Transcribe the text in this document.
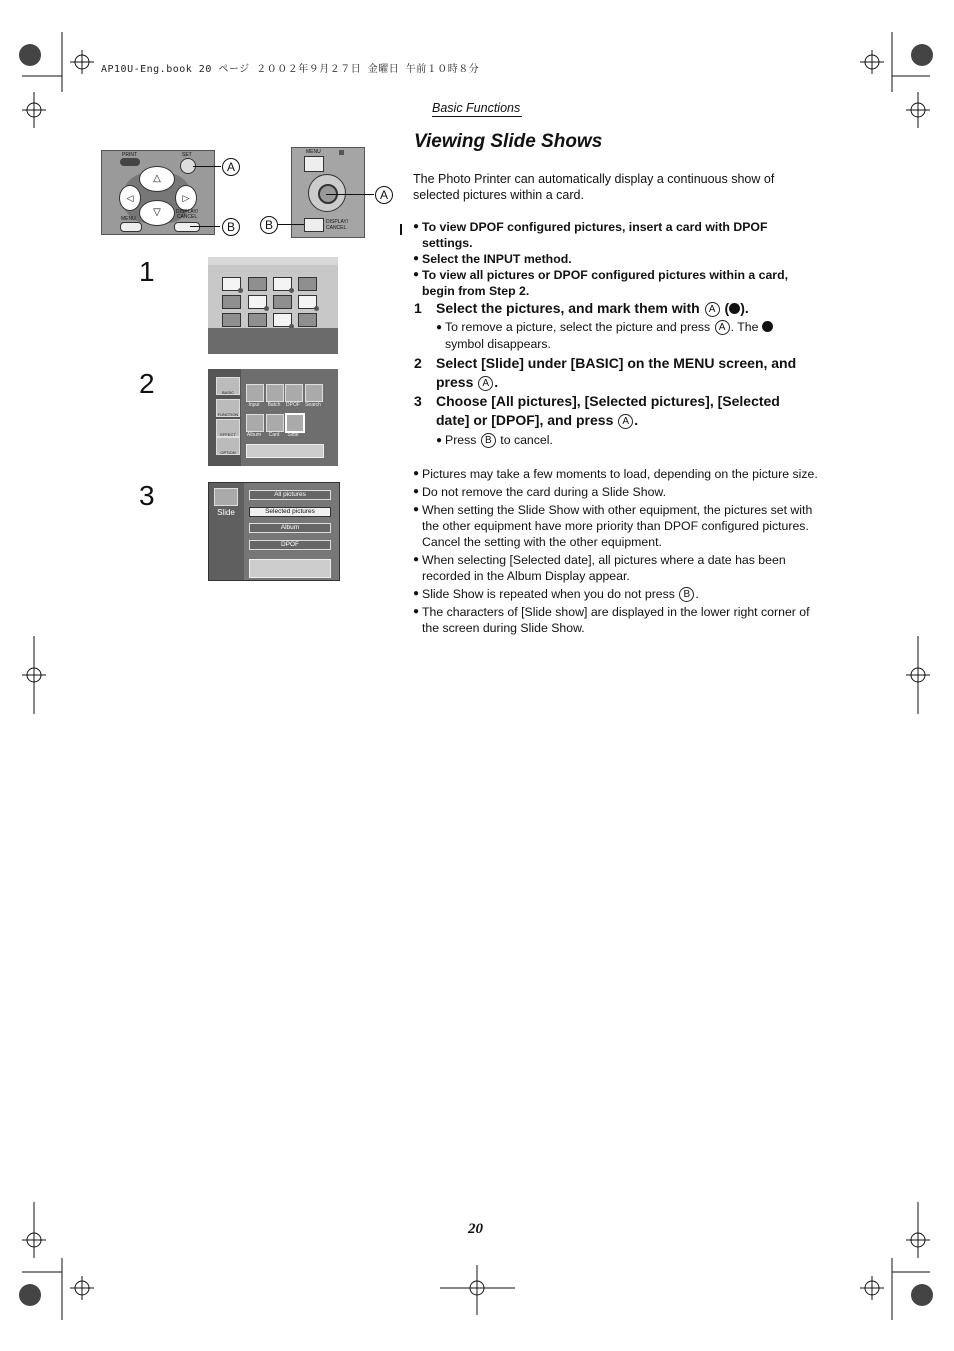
AP10U-Eng.book 20 ページ ２００２年９月２７日 金曜日 午前１０時８分
Basic Functions
Viewing Slide Shows
The Photo Printer can automatically display a continuous show of selected pictures within a card.
● To view DPOF configured pictures, insert a card with DPOF settings.
● Select the INPUT method.
● To view all pictures or DPOF configured pictures within a card, begin from Step 2.
1	Select the pictures, and mark them with A ( ).
● To remove a picture, select the picture and press A . The  symbol disappears.
2	Select [Slide] under [BASIC] on the MENU screen, and press A .
3	Choose [All pictures], [Selected pictures], [Selected date] or [DPOF], and press A .
● Press B to cancel.
● Pictures may take a few moments to load, depending on the picture size.
● Do not remove the card during a Slide Show.
● When setting the Slide Show with other equipment, the pictures set with the other equipment have more priority than DPOF configured pictures. Cancel the setting with the other equipment.
● When selecting [Selected date], all pictures where a date has been recorded in the Album Display appear.
● Slide Show is repeated when you do not press B .
● The characters of [Slide show] are displayed in the lower right corner of the screen during Slide Show.
PRINT	SET
△
▽
◁	▷
MENU
DISPLAY/ CANCEL
A
B
MENU
DISPLAY/ CANCEL
A
B
1
2
3
BASIC
FUNCTION
EFFECT
OPTION
Input	Batch	DPOF	Search
Album	Card	Slide
Slide
All pictures
Selected pictures
Album
DPOF
20
